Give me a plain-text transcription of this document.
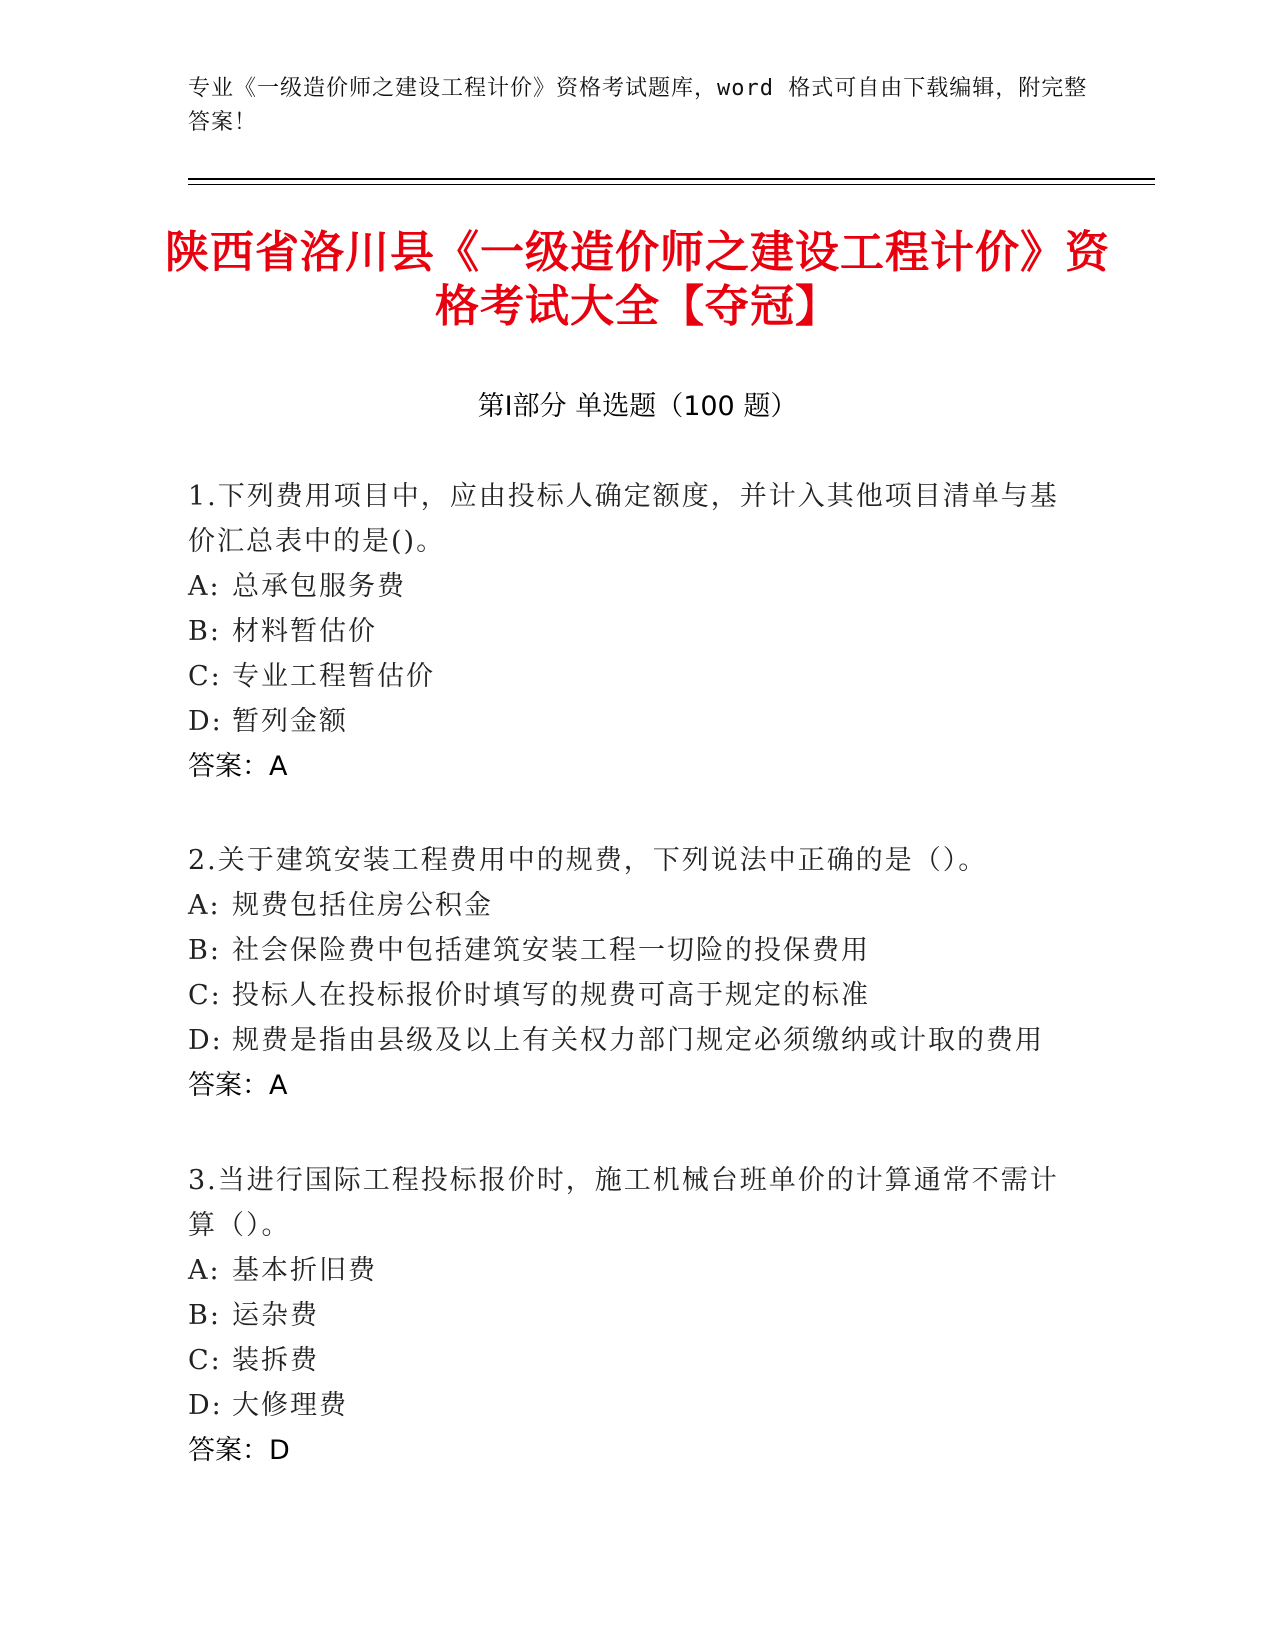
专业《一级造价师之建设工程计价》资格考试题库，word 格式可自由下载编辑，附完整答案！
陕西省洛川县《一级造价师之建设工程计价》资格考试大全【夺冠】
第Ⅰ部分 单选题（100 题）

1.下列费用项目中，应由投标人确定额度，并计入其他项目清单与基价汇总表中的是()。

A: 总承包服务费

B: 材料暂估价

C: 专业工程暂估价

D: 暂列金额

答案：A

2.关于建筑安装工程费用中的规费，下列说法中正确的是（）。

A: 规费包括住房公积金

B: 社会保险费中包括建筑安装工程一切险的投保费用

C: 投标人在投标报价时填写的规费可高于规定的标准

D: 规费是指由县级及以上有关权力部门规定必须缴纳或计取的费用

答案：A

3.当进行国际工程投标报价时，施工机械台班单价的计算通常不需计算（）。

A: 基本折旧费

B: 运杂费

C: 装拆费

D: 大修理费

答案：D
